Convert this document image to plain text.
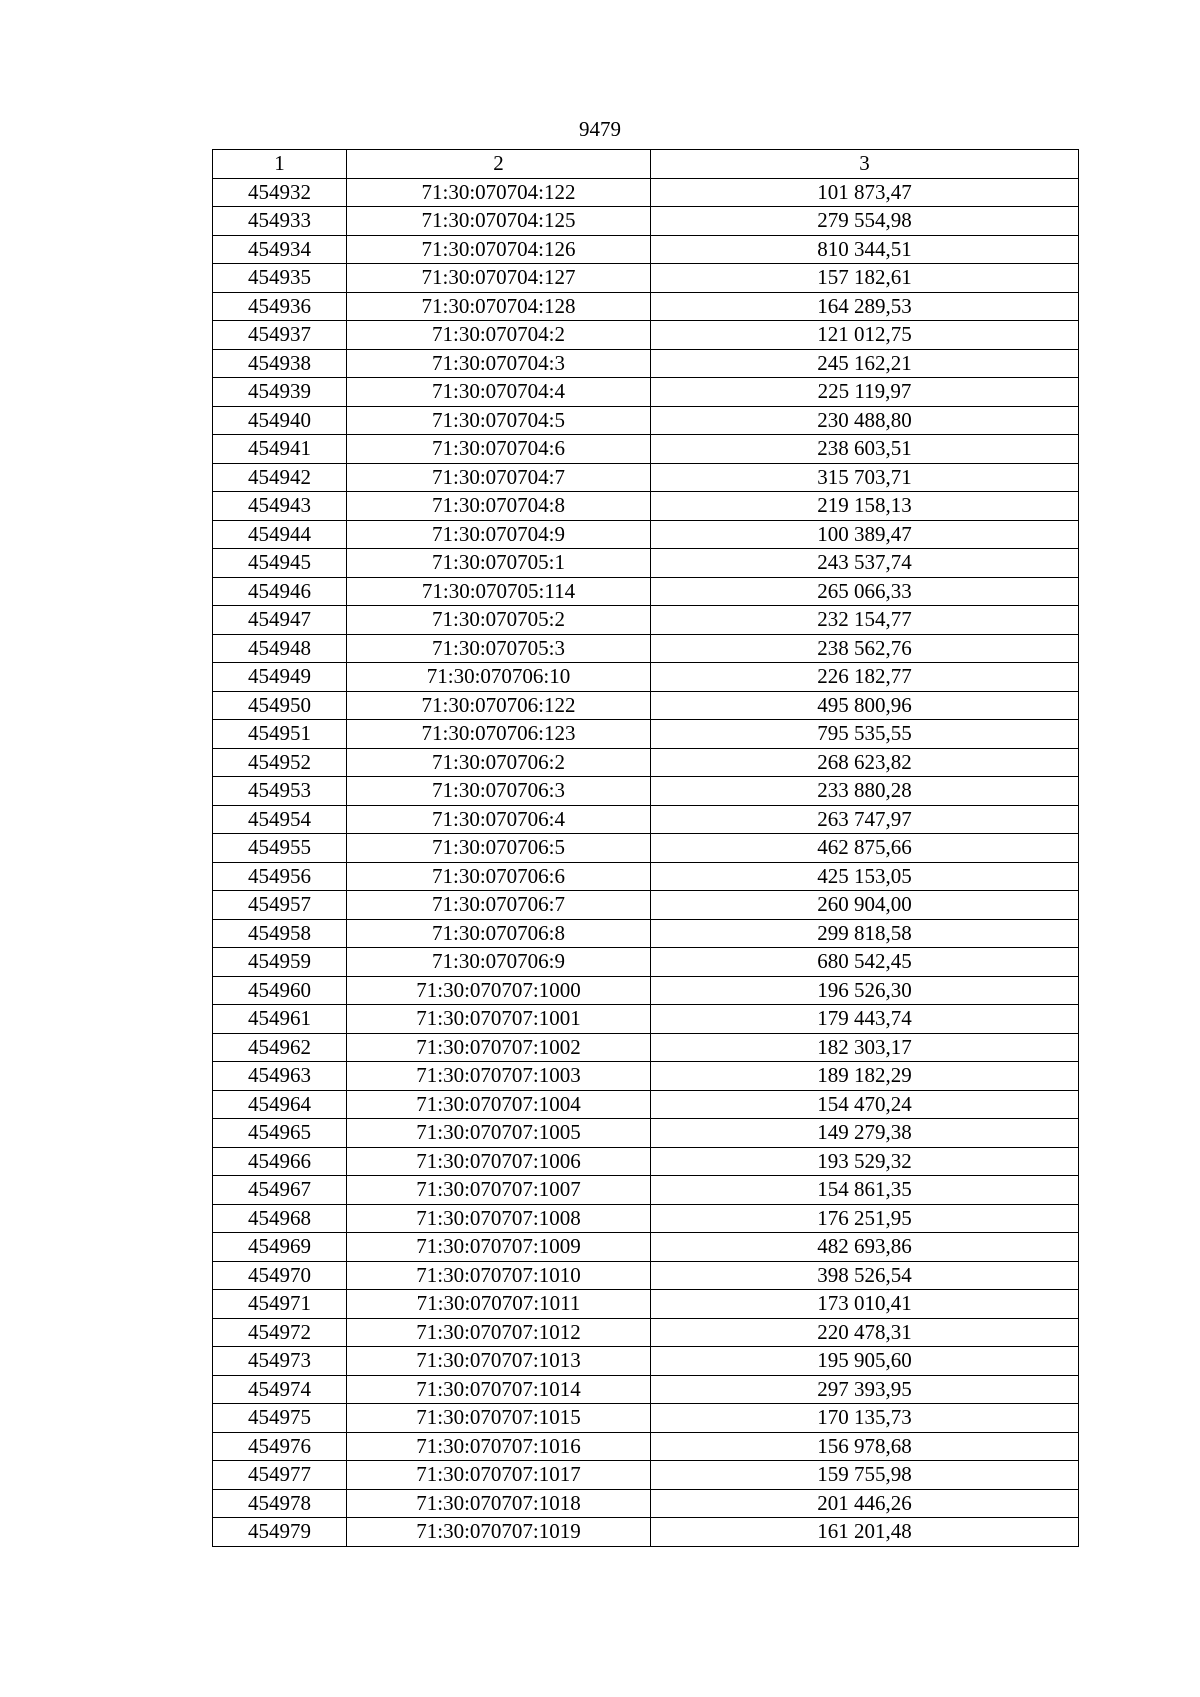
9479
1	2	3
454932	71:30:070704:122	101 873,47
454933	71:30:070704:125	279 554,98
454934	71:30:070704:126	810 344,51
454935	71:30:070704:127	157 182,61
454936	71:30:070704:128	164 289,53
454937	71:30:070704:2	121 012,75
454938	71:30:070704:3	245 162,21
454939	71:30:070704:4	225 119,97
454940	71:30:070704:5	230 488,80
454941	71:30:070704:6	238 603,51
454942	71:30:070704:7	315 703,71
454943	71:30:070704:8	219 158,13
454944	71:30:070704:9	100 389,47
454945	71:30:070705:1	243 537,74
454946	71:30:070705:114	265 066,33
454947	71:30:070705:2	232 154,77
454948	71:30:070705:3	238 562,76
454949	71:30:070706:10	226 182,77
454950	71:30:070706:122	495 800,96
454951	71:30:070706:123	795 535,55
454952	71:30:070706:2	268 623,82
454953	71:30:070706:3	233 880,28
454954	71:30:070706:4	263 747,97
454955	71:30:070706:5	462 875,66
454956	71:30:070706:6	425 153,05
454957	71:30:070706:7	260 904,00
454958	71:30:070706:8	299 818,58
454959	71:30:070706:9	680 542,45
454960	71:30:070707:1000	196 526,30
454961	71:30:070707:1001	179 443,74
454962	71:30:070707:1002	182 303,17
454963	71:30:070707:1003	189 182,29
454964	71:30:070707:1004	154 470,24
454965	71:30:070707:1005	149 279,38
454966	71:30:070707:1006	193 529,32
454967	71:30:070707:1007	154 861,35
454968	71:30:070707:1008	176 251,95
454969	71:30:070707:1009	482 693,86
454970	71:30:070707:1010	398 526,54
454971	71:30:070707:1011	173 010,41
454972	71:30:070707:1012	220 478,31
454973	71:30:070707:1013	195 905,60
454974	71:30:070707:1014	297 393,95
454975	71:30:070707:1015	170 135,73
454976	71:30:070707:1016	156 978,68
454977	71:30:070707:1017	159 755,98
454978	71:30:070707:1018	201 446,26
454979	71:30:070707:1019	161 201,48
